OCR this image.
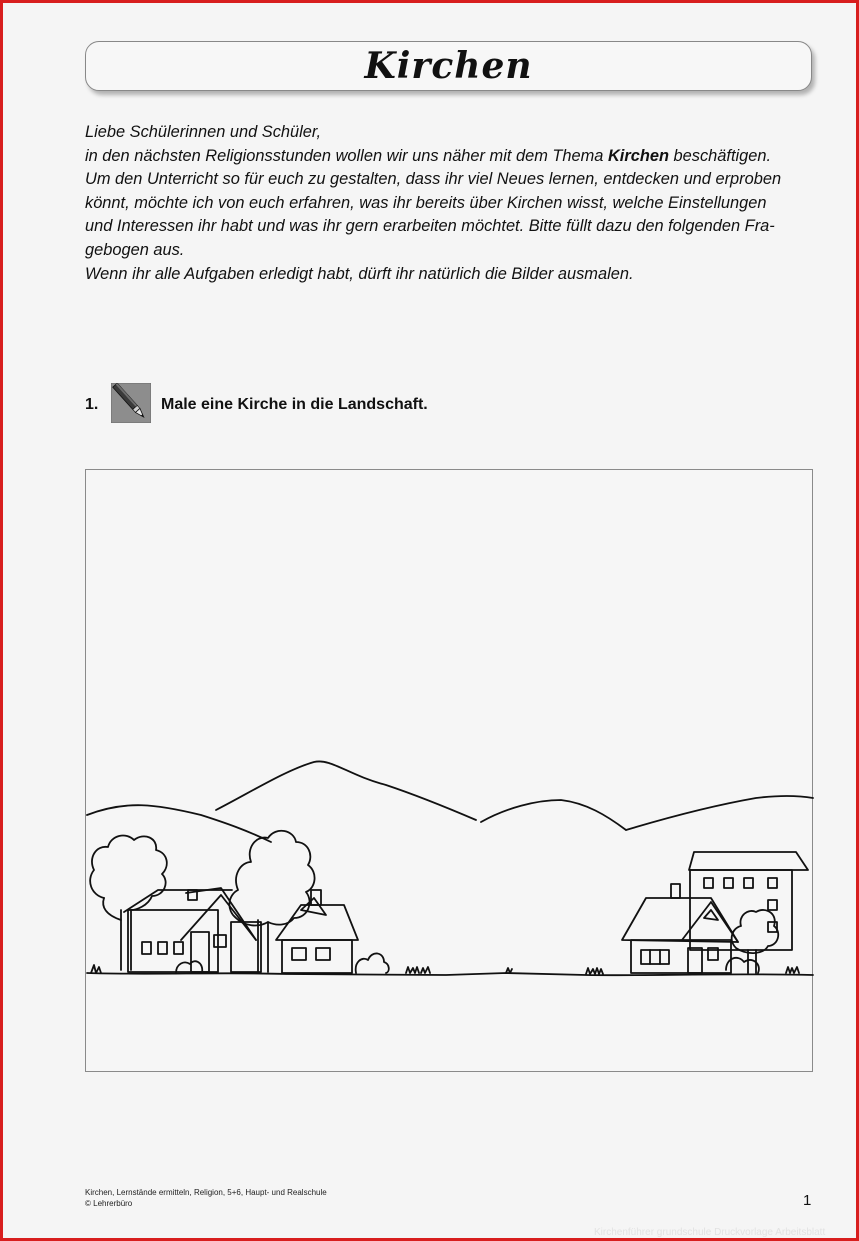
Kirchen

Liebe Schülerinnen und Schüler,

in den nächsten Religionsstunden wollen wir uns näher mit dem Thema Kirchen beschäftigen.

Um den Unterricht so für euch zu gestalten, dass ihr viel Neues lernen, entdecken und erproben

könnt, möchte ich von euch erfahren, was ihr bereits über Kirchen wisst, welche Einstellungen

und Interessen ihr habt und was ihr gern erarbeiten möchtet. Bitte füllt dazu den folgenden Fra-

gebogen aus.

Wenn ihr alle Aufgaben erledigt habt, dürft ihr natürlich die Bilder ausmalen.

1.	Male eine Kirche in die Landschaft.
Kirchen, Lernstände ermitteln, Religion, 5+6, Haupt- und Realschule
© Lehrerbüro	1
Kirchenführer grundschule Druckvorlage Arbeitsblatt
